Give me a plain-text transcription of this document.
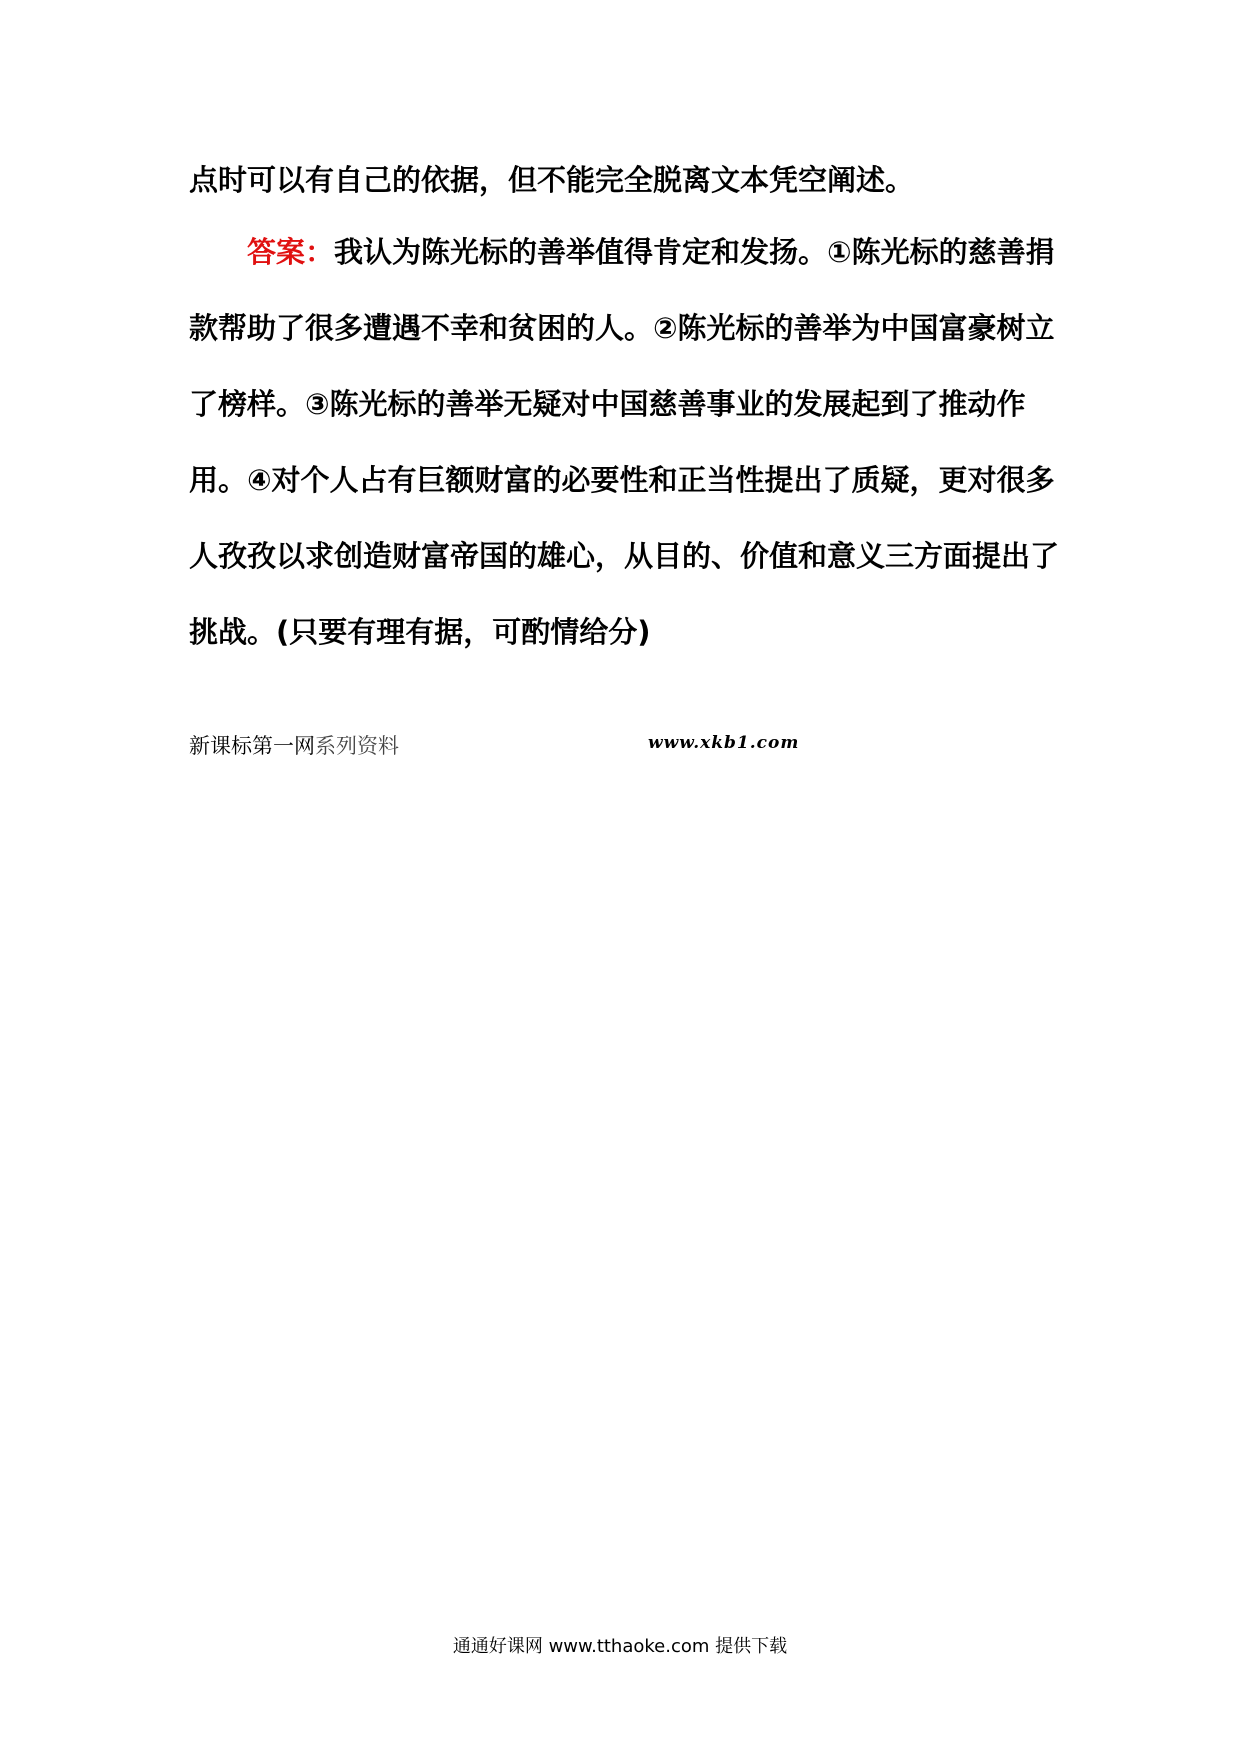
点时可以有自己的依据，但不能完全脱离文本凭空阐述。
答案：我认为陈光标的善举值得肯定和发扬。①陈光标的慈善捐
款帮助了很多遭遇不幸和贫困的人。②陈光标的善举为中国富豪树立
了榜样。③陈光标的善举无疑对中国慈善事业的发展起到了推动作
用。④对个人占有巨额财富的必要性和正当性提出了质疑，更对很多
人孜孜以求创造财富帝国的雄心，从目的、价值和意义三方面提出了
挑战。(只要有理有据，可酌情给分)
新课标第一网系列资料	www.xkb1.com
通通好课网 www.tthaoke.com 提供下载
